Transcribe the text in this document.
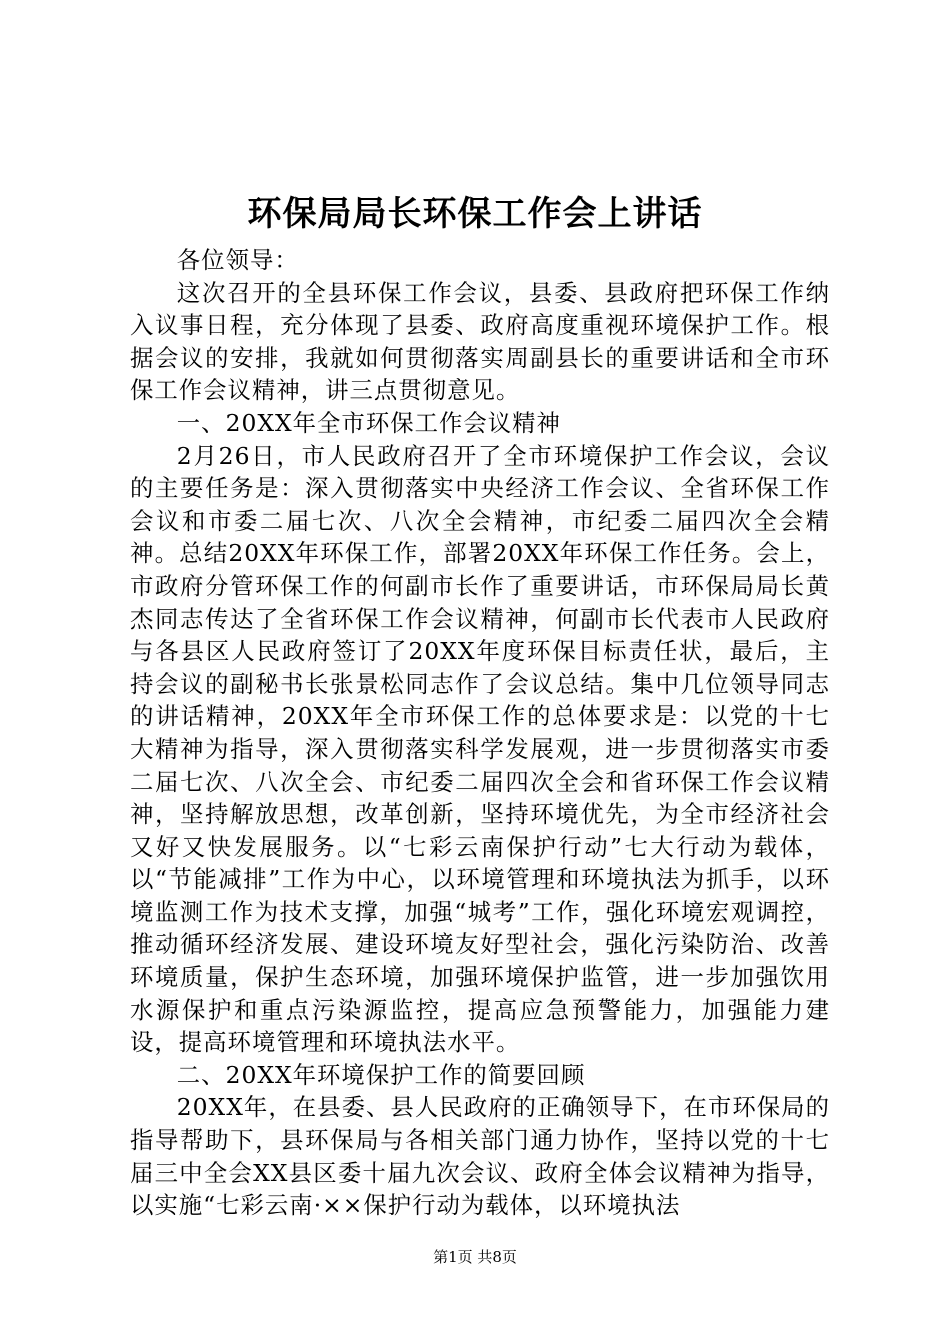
环保局局长环保工作会上讲话

各位领导：

这次召开的全县环保工作会议，县委、县政府把环保工作纳入议事日程，充分体现了县委、政府高度重视环境保护工作。根据会议的安排，我就如何贯彻落实周副县长的重要讲话和全市环保工作会议精神，讲三点贯彻意见。

一、20XX年全市环保工作会议精神

2月26日，市人民政府召开了全市环境保护工作会议，会议的主要任务是：深入贯彻落实中央经济工作会议、全省环保工作会议和市委二届七次、八次全会精神，市纪委二届四次全会精神。总结20XX年环保工作，部署20XX年环保工作任务。会上，市政府分管环保工作的何副市长作了重要讲话，市环保局局长黄杰同志传达了全省环保工作会议精神，何副市长代表市人民政府与各县区人民政府签订了20XX年度环保目标责任状，最后，主持会议的副秘书长张景松同志作了会议总结。集中几位领导同志的讲话精神，20XX年全市环保工作的总体要求是：以党的十七大精神为指导，深入贯彻落实科学发展观，进一步贯彻落实市委二届七次、八次全会、市纪委二届四次全会和省环保工作会议精神，坚持解放思想，改革创新，坚持环境优先，为全市经济社会又好又快发展服务。以“七彩云南保护行动”七大行动为载体，以“节能减排”工作为中心，以环境管理和环境执法为抓手，以环境监测工作为技术支撑，加强“城考”工作，强化环境宏观调控，推动循环经济发展、建设环境友好型社会，强化污染防治、改善环境质量，保护生态环境，加强环境保护监管，进一步加强饮用水源保护和重点污染源监控，提高应急预警能力，加强能力建设，提高环境管理和环境执法水平。

二、20XX年环境保护工作的简要回顾

20XX年，在县委、县人民政府的正确领导下，在市环保局的指导帮助下，县环保局与各相关部门通力协作，坚持以党的十七届三中全会XX县区委十届九次会议、政府全体会议精神为指导，以实施“七彩云南·××保护行动为载体，以环境执法

第1页 共8页
